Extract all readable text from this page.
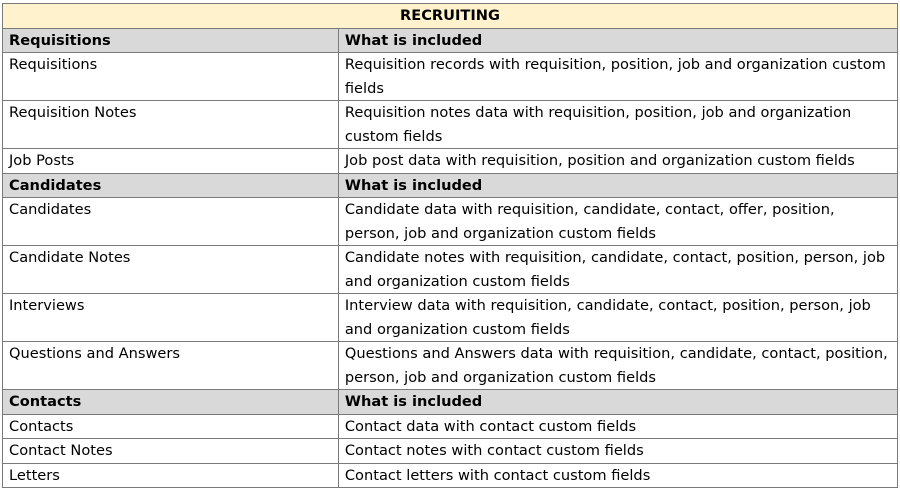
RECRUITING	
Requisitions	What is included
Requisitions	Requisition records with requisition, position, job and organization custom fields
Requisition Notes	Requisition notes data with requisition, position, job and organization custom fields
Job Posts	Job post data with requisition, position and organization custom fields
Candidates	What is included
Candidates	Candidate data with requisition, candidate, contact, offer, position, person, job and organization custom fields
Candidate Notes	Candidate notes with requisition, candidate, contact, position, person, job and organization custom fields
Interviews	Interview data with requisition, candidate, contact, position, person, job and organization custom fields
Questions and Answers	Questions and Answers data with requisition, candidate, contact, position, person, job and organization custom fields
Contacts	What is included
Contacts	Contact data with contact custom fields
Contact Notes	Contact notes with contact custom fields
Letters	Contact letters with contact custom fields
